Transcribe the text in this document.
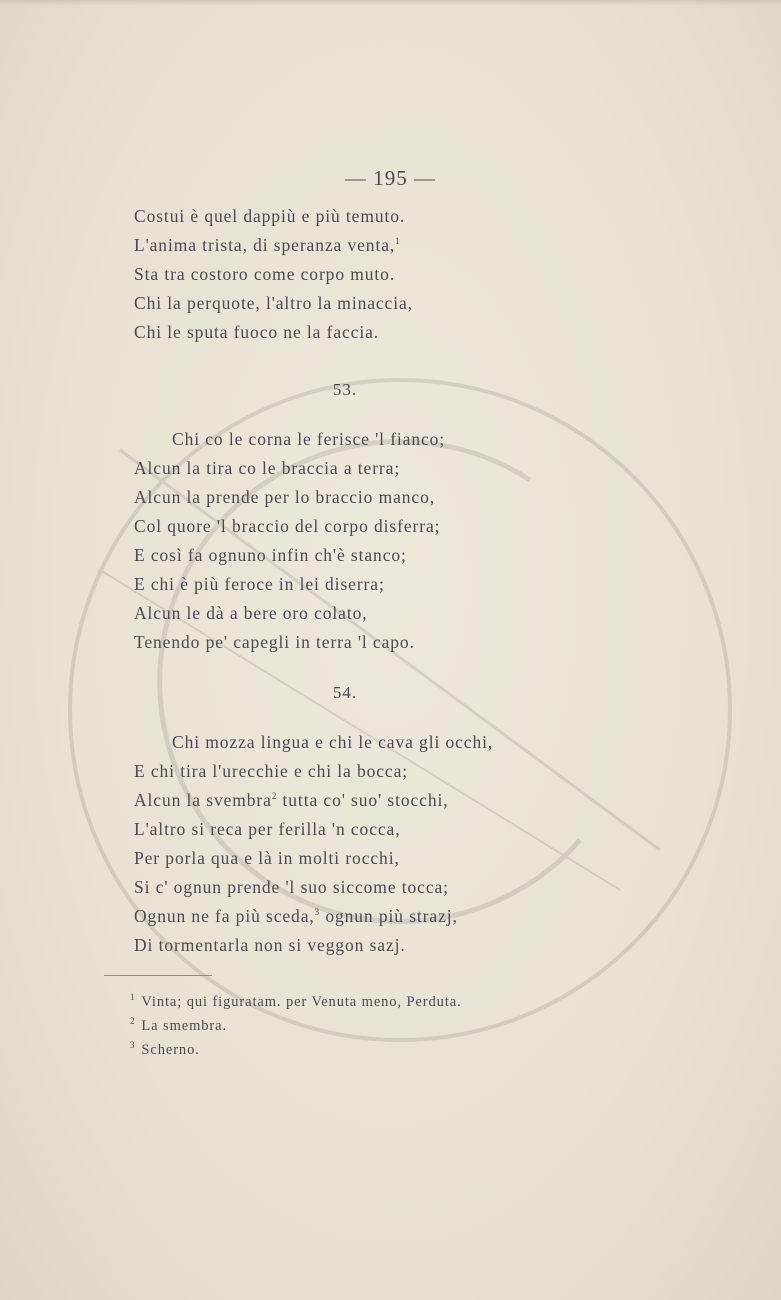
— 195 —
Costui è quel dappiù e più temuto.
L'anima trista, di speranza venta,$^1$
Sta tra costoro come corpo muto.
Chi la perquote, l'altro la minaccia,
Chi le sputa fuoco ne la faccia.
53.
Chi co le corna le ferisce 'l fianco;
Alcun la tira co le braccia a terra;
Alcun la prende per lo braccio manco,
Col quore 'l braccio del corpo disferra;
E così fa ognuno infin ch'è stanco;
E chi è più feroce in lei diserra;
Alcun le dà a bere oro colato,
Tenendo pe' capegli in terra 'l capo.
54.
Chi mozza lingua e chi le cava gli occhi,
E chi tira l'urecchie e chi la bocca;
Alcun la svembra$^2$ tutta co' suo' stocchi,
L'altro si reca per ferilla 'n cocca,
Per porla qua e là in molti rocchi,
Si c' ognun prende 'l suo siccome tocca;
Ognun ne fa più sceda,$^3$ ognun più strazj,
Di tormentarla non si veggon sazj.
$^1$ Vinta; qui figuratam. per Venuta meno, Perduta.
$^2$ La smembra.
$^3$ Scherno.
